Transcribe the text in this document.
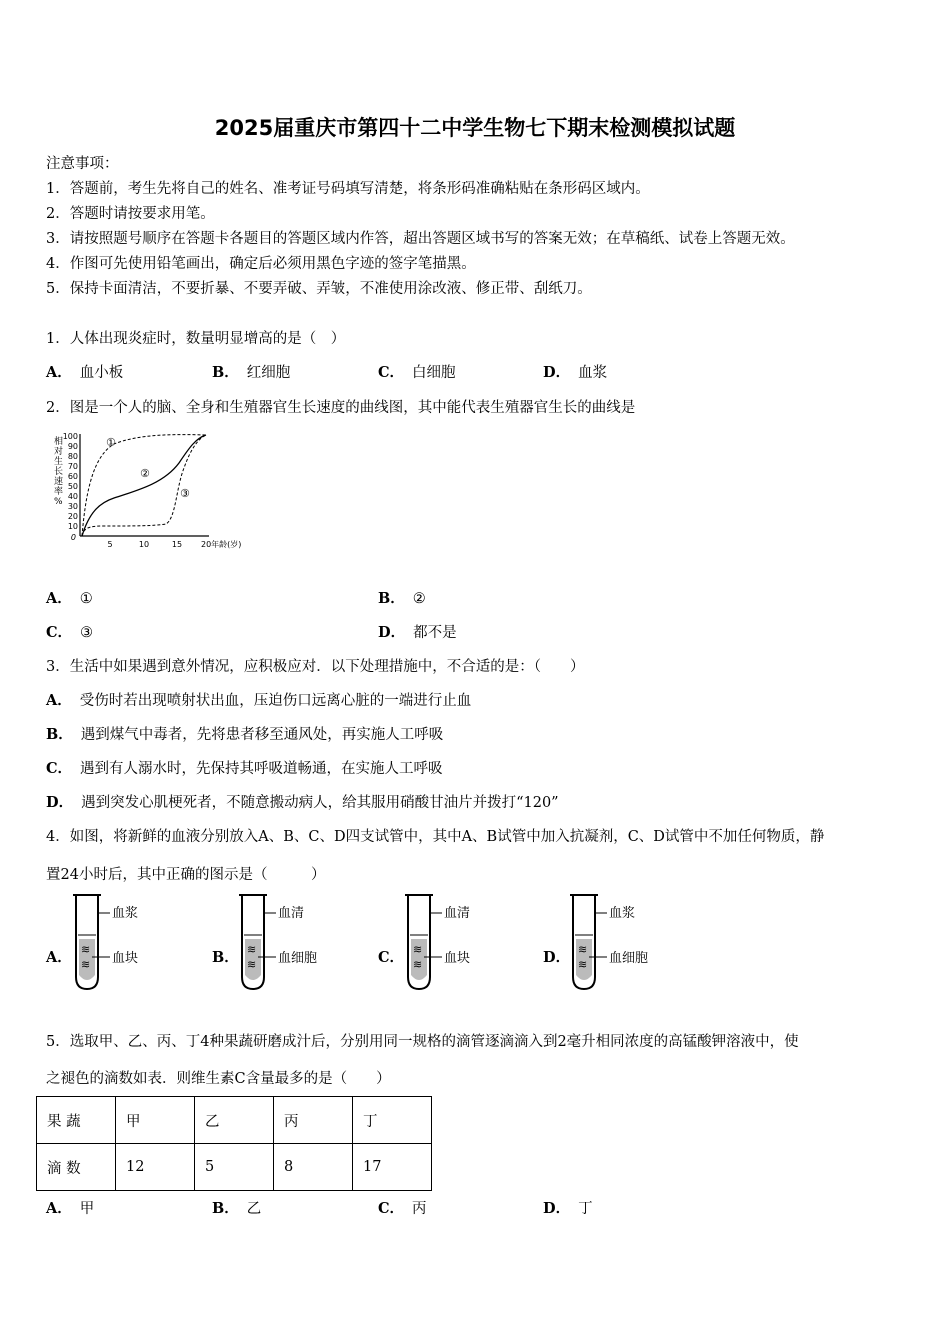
2025届重庆市第四十二中学生物七下期末检测模拟试题
注意事项：
1．答题前，考生先将自己的姓名、准考证号码填写清楚，将条形码准确粘贴在条形码区域内。
2．答题时请按要求用笔。
3．请按照题号顺序在答题卡各题目的答题区域内作答，超出答题区域书写的答案无效；在草稿纸、试卷上答题无效。
4．作图可先使用铅笔画出，确定后必须用黑色字迹的签字笔描黑。
5．保持卡面清洁，不要折暴、不要弄破、弄皱，不准使用涂改液、修正带、刮纸刀。
1．人体出现炎症时，数量明显增高的是（　）
A． 血小板	B． 红细胞	C． 白细胞	D． 血浆
2．图是一个人的脑、全身和生殖器官生长速度的曲线图，其中能代表生殖器官生长的曲线是
相
对
生
长
速
率
%
100
90
80
70
60
50
40
30
20
10
0
5	10	15 20年龄(岁)
①
②
③
A． ①	B． ②
C． ③	D． 都不是
3．生活中如果遇到意外情况，应积极应对．以下处理措施中，不合适的是：（　　）
A． 受伤时若出现喷射状出血，压迫伤口远离心脏的一端进行止血
B． 遇到煤气中毒者，先将患者移至通风处，再实施人工呼吸
C． 遇到有人溺水时，先保持其呼吸道畅通，在实施人工呼吸
D． 遇到突发心肌梗死者，不随意搬动病人，给其服用硝酸甘油片并拨打“120”
4．如图，将新鲜的血液分别放入A、B、C、D四支试管中，其中A、B试管中加入抗凝剂，C、D试管中不加任何物质，静
置24小时后，其中正确的图示是（　　　）
A． ≋
≋
血浆
血块	B． ≋
≋
血清
血细胞	C． ≋
≋
血清
血块	D． ≋
≋
血浆
血细胞
5．选取甲、乙、丙、丁4种果蔬研磨成汁后，分别用同一规格的滴管逐滴滴入到2毫升相同浓度的高锰酸钾溶液中，使
之褪色的滴数如表．则维生素C含量最多的是（　　）
果 蔬	甲	乙	丙	丁
滴 数	12	5	8	17
A． 甲	B． 乙	C． 丙	D． 丁
